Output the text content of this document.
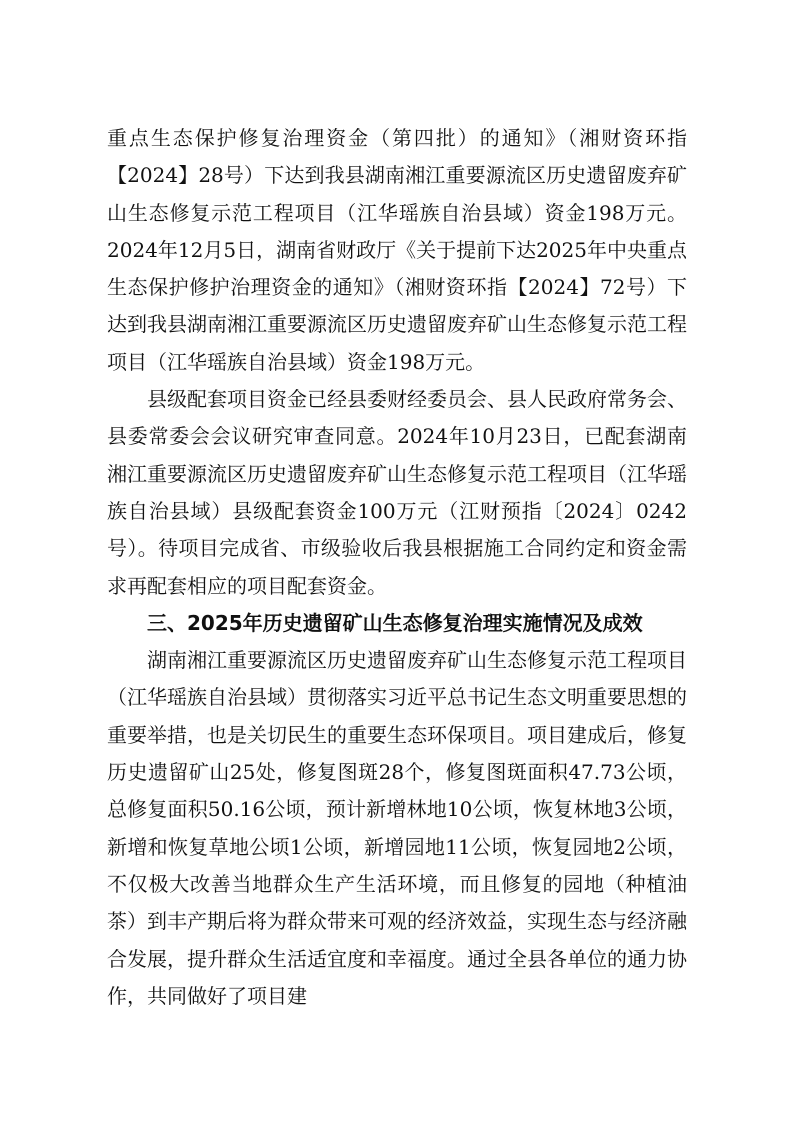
重点生态保护修复治理资金（第四批）的通知》（湘财资环指【2024】28号）下达到我县湖南湘江重要源流区历史遗留废弃矿山生态修复示范工程项目（江华瑶族自治县域）资金198万元。2024年12月5日，湖南省财政厅《关于提前下达2025年中央重点生态保护修护治理资金的通知》（湘财资环指【2024】72号）下达到我县湖南湘江重要源流区历史遗留废弃矿山生态修复示范工程项目（江华瑶族自治县域）资金198万元。

县级配套项目资金已经县委财经委员会、县人民政府常务会、县委常委会会议研究审查同意。2024年10月23日，已配套湖南湘江重要源流区历史遗留废弃矿山生态修复示范工程项目（江华瑶族自治县域）县级配套资金100万元（江财预指〔2024〕0242号）。待项目完成省、市级验收后我县根据施工合同约定和资金需求再配套相应的项目配套资金。

三、2025年历史遗留矿山生态修复治理实施情况及成效

湖南湘江重要源流区历史遗留废弃矿山生态修复示范工程项目（江华瑶族自治县域）贯彻落实习近平总书记生态文明重要思想的重要举措，也是关切民生的重要生态环保项目。项目建成后，修复历史遗留矿山25处，修复图斑28个，修复图斑面积47.73公顷，总修复面积50.16公顷，预计新增林地10公顷，恢复林地3公顷，新增和恢复草地公顷1公顷，新增园地11公顷，恢复园地2公顷，不仅极大改善当地群众生产生活环境，而且修复的园地（种植油茶）到丰产期后将为群众带来可观的经济效益，实现生态与经济融合发展，提升群众生活适宜度和幸福度。通过全县各单位的通力协作，共同做好了项目建
